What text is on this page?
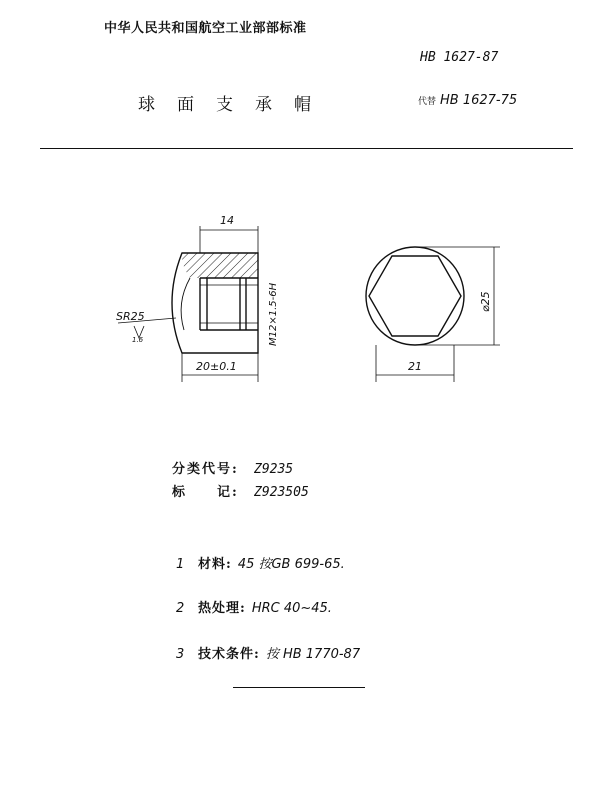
中华人民共和国航空工业部部标准
HB 1627-87
球面支承帽	代替 HB 1627-75
14
20±0.1
SR25
1.6	M12×1.5-6H
21
⌀25
分类代号: Z9235
标　　记: Z923505
1 材料: 45 按GB 699-65.
2 热处理: HRC 40~45.
3 技术条件: 按 HB 1770-87
